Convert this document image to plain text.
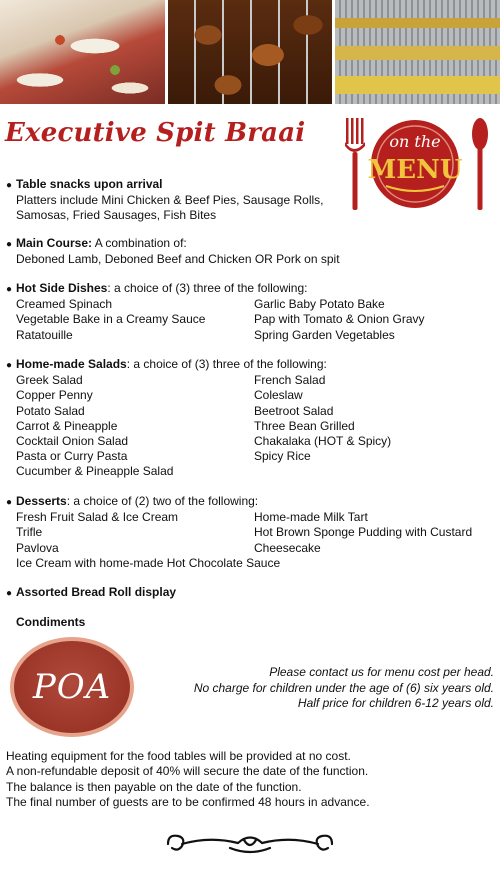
Executive Spit Braai	on the
MENU
● Table snacks upon arrival
Platters include Mini Chicken & Beef Pies, Sausage Rolls,
Samosas, Fried Sausages, Fish Bites
● Main Course: A combination of:
Deboned Lamb, Deboned Beef and Chicken OR Pork on spit
● Hot Side Dishes : a choice of (3) three of the following:
Creamed Spinach
Vegetable Bake in a Creamy Sauce
Ratatouille
Garlic Baby Potato Bake
Pap with Tomato & Onion Gravy
Spring Garden Vegetables
● Home-made Salads : a choice of (3) three of the following:
Greek Salad
Copper Penny
Potato Salad
Carrot & Pineapple
Cocktail Onion Salad
Pasta or Curry Pasta
Cucumber & Pineapple Salad
French Salad
Coleslaw
Beetroot Salad
Three Bean Grilled
Chakalaka (HOT & Spicy)
Spicy Rice
● Desserts : a choice of (2) two of the following:
Fresh Fruit Salad & Ice Cream
Trifle
Pavlova
Ice Cream with home-made Hot Chocolate Sauce
Home-made Milk Tart
Hot Brown Sponge Pudding with Custard
Cheesecake
● Assorted Bread Roll display
Condiments
POA	Please contact us for menu cost per head.
No charge for children under the age of (6) six years old.
Half price for children 6-12 years old.
Heating equipment for the food tables will be provided at no cost.
A non-refundable deposit of 40% will secure the date of the function.
The balance is then payable on the date of the function.
The final number of guests are to be confirmed 48 hours in advance.
